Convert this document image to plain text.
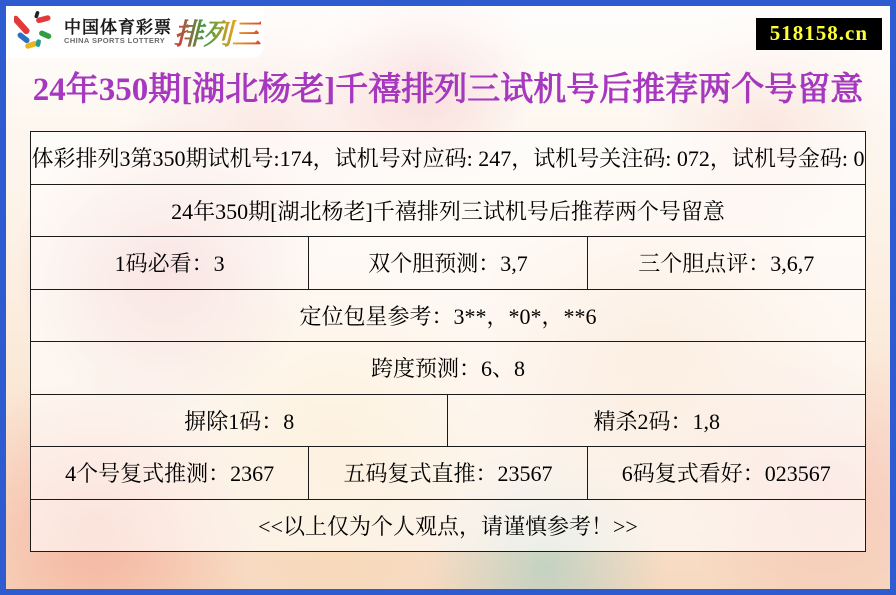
中国体育彩票
CHINA SPORTS LOTTERY 排列三	518158.cn
24年350期[湖北杨老]千禧排列三试机号后推荐两个号留意
体彩排列3第350期试机号:174，试机号对应码: 247，试机号关注码: 072，试机号金码: 0			
24年350期[湖北杨老]千禧排列三试机号后推荐两个号留意			
1码必看：3	双个胆预测：3,7		三个胆点评：3,6,7
定位包星参考：3**，*0*，**6			
跨度预测：6、8			
摒除1码：8		精杀2码：1,8	
4个号复式推测：2367	五码复式直推：23567		6码复式看好：023567
<<以上仅为个人观点，请谨慎参考！>>			
